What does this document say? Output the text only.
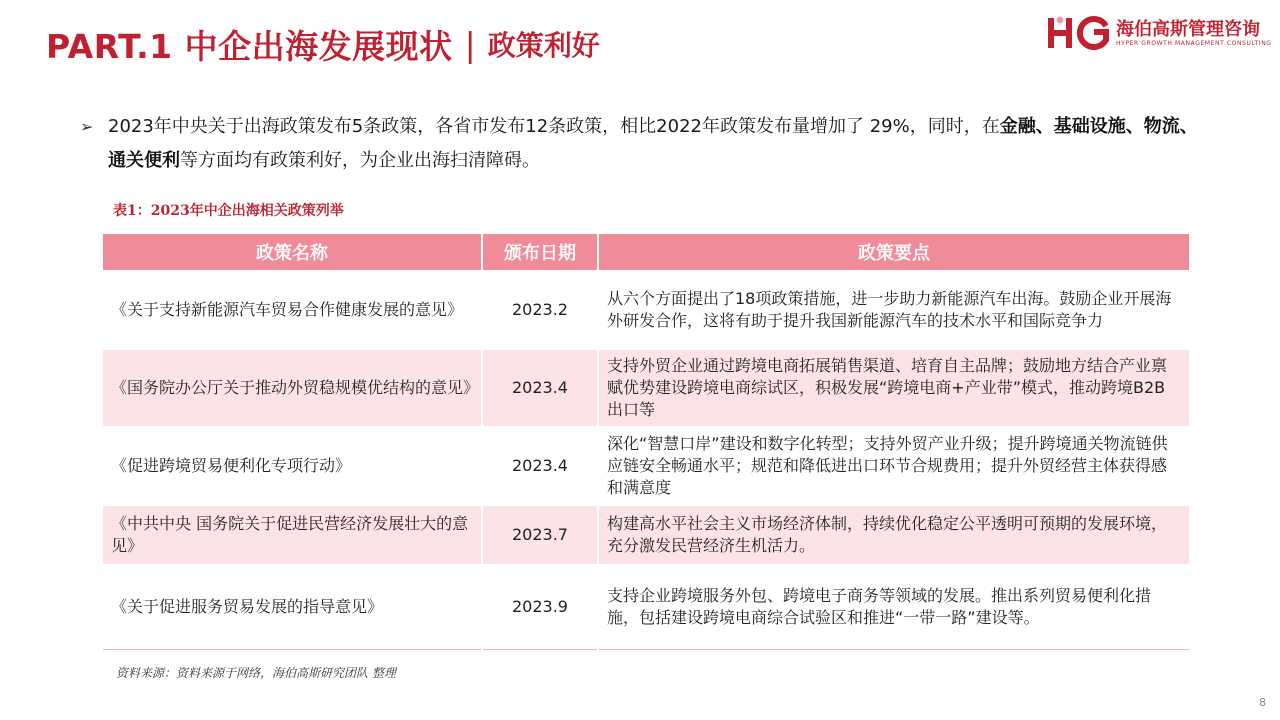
PART.1 中企出海发展现状 | 政策利好	海伯高斯管理咨询
HYPER GROWTH MANAGEMENT CONSULTING
➢ 2023年中央关于出海政策发布5条政策，各省市发布12条政策，相比2022年政策发布量增加了 29%，同时，在金融、基础设施、物流、通关便利等方面均有政策利好，为企业出海扫清障碍。
表1：2023年中企出海相关政策列举
政策名称	颁布日期	政策要点
《关于支持新能源汽车贸易合作健康发展的意见》	2023.2	从六个方面提出了18项政策措施，进一步助力新能源汽车出海。鼓励企业开展海外研发合作，这将有助于提升我国新能源汽车的技术水平和国际竞争力
《国务院办公厅关于推动外贸稳规模优结构的意见》	2023.4	支持外贸企业通过跨境电商拓展销售渠道、培育自主品牌；鼓励地方结合产业禀赋优势建设跨境电商综试区，积极发展“跨境电商+产业带”模式，推动跨境B2B出口等
《促进跨境贸易便利化专项行动》	2023.4	深化“智慧口岸”建设和数字化转型；支持外贸产业升级；提升跨境通关物流链供应链安全畅通水平；规范和降低进出口环节合规费用；提升外贸经营主体获得感和满意度
《中共中央 国务院关于促进民营经济发展壮大的意见》	2023.7	构建高水平社会主义市场经济体制，持续优化稳定公平透明可预期的发展环境，充分激发民营经济生机活力。
《关于促进服务贸易发展的指导意见》	2023.9	支持企业跨境服务外包、跨境电子商务等领域的发展。推出系列贸易便利化措施，包括建设跨境电商综合试验区和推进“一带一路”建设等。
资料来源：资料来源于网络，海伯高斯研究团队 整理
8
